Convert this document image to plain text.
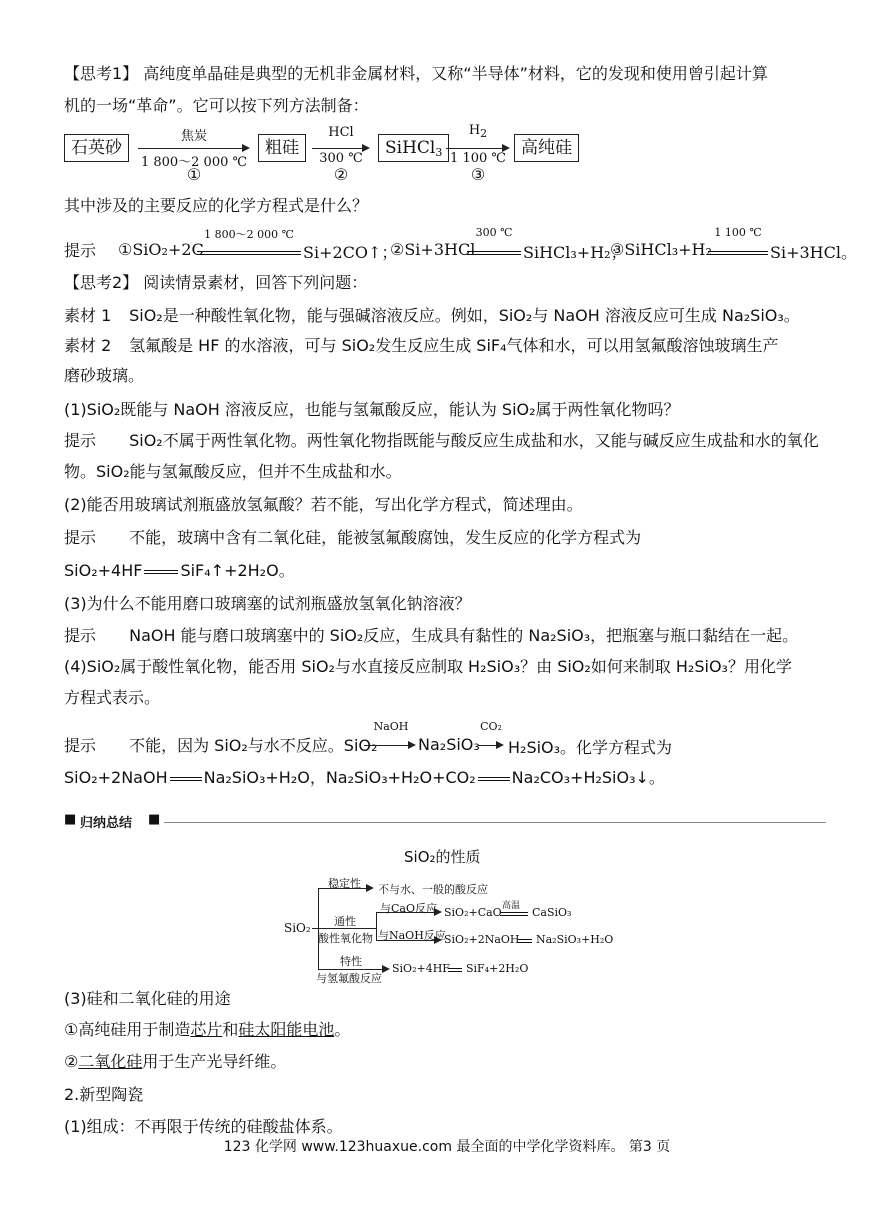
【思考1】 高纯度单晶硅是典型的无机非金属材料，又称“半导体”材料，它的发现和使用曾引起计算
机的一场“革命”。它可以按下列方法制备：
石英砂
焦炭
1 800～2 000 ℃
①
粗硅
HCl
300 ℃
②
SiHCl$_3$
$H_2$
1 100 ℃
③
高纯硅
其中涉及的主要反应的化学方程式是什么？
提示 ①SiO₂+2C
1 800～2 000 ℃
Si+2CO↑；
②Si+3HCl
300 ℃
SiHCl₃+H₂；
③SiHCl₃+H₂
1 100 ℃
Si+3HCl。
【思考2】 阅读情景素材，回答下列问题：
素材 1 SiO₂是一种酸性氧化物，能与强碱溶液反应。例如，SiO₂与 NaOH 溶液反应可生成 Na₂SiO₃。
素材 2 氢氟酸是 HF 的水溶液，可与 SiO₂发生反应生成 SiF₄气体和水，可以用氢氟酸溶蚀玻璃生产
磨砂玻璃。
(1)SiO₂既能与 NaOH 溶液反应，也能与氢氟酸反应，能认为 SiO₂属于两性氧化物吗？
提示 SiO₂不属于两性氧化物。两性氧化物指既能与酸反应生成盐和水，又能与碱反应生成盐和水的氧化
物。SiO₂能与氢氟酸反应，但并不生成盐和水。
(2)能否用玻璃试剂瓶盛放氢氟酸？若不能，写出化学方程式，简述理由。
提示 不能，玻璃中含有二氧化硅，能被氢氟酸腐蚀，发生反应的化学方程式为
SiO₂+4HF SiF₄↑+2H₂O。
(3)为什么不能用磨口玻璃塞的试剂瓶盛放氢氧化钠溶液？
提示 NaOH 能与磨口玻璃塞中的 SiO₂反应，生成具有黏性的 Na₂SiO₃，把瓶塞与瓶口黏结在一起。
(4)SiO₂属于酸性氧化物，能否用 SiO₂与水直接反应制取 H₂SiO₃？由 SiO₂如何来制取 H₂SiO₃？用化学
方程式表示。
提示 不能，因为 SiO₂与水不反应。SiO₂
NaOH
Na₂SiO₃
CO₂
H₂SiO₃。化学方程式为
SiO₂+2NaOH Na₂SiO₃+H₂O，Na₂SiO₃+H₂O+CO₂ Na₂CO₃+H₂SiO₃↓。
■ 归纳总结 ■
SiO₂的性质
SiO₂
稳定性 不与水、一般的酸反应
通性
酸性氧化物
与CaO反应 SiO₂+CaO 高温 CaSiO₃
与NaOH反应
SiO₂+2NaOH Na₂SiO₃+H₂O
特性
与氢氟酸反应
SiO₂+4HF SiF₄+2H₂O
(3)硅和二氧化硅的用途
①高纯硅用于制造芯片和硅太阳能电池。
②二氧化硅用于生产光导纤维。
2.新型陶瓷
(1)组成：不再限于传统的硅酸盐体系。
123 化学网 www.123huaxue.com 最全面的中学化学资料库。 第3 页
